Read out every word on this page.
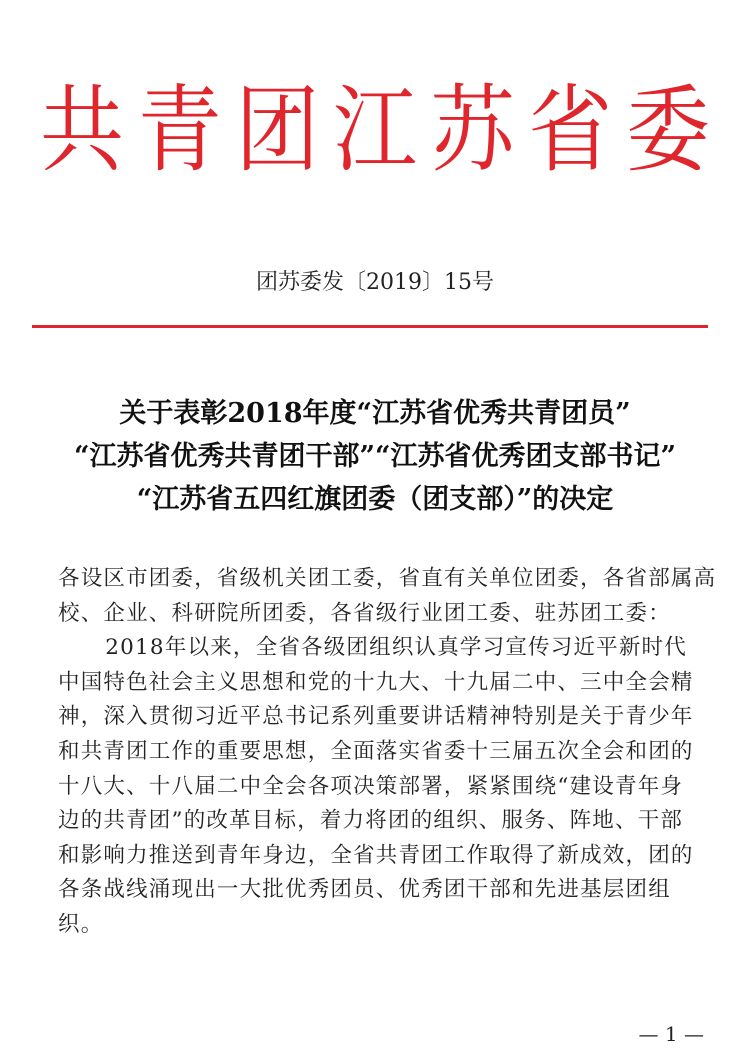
共 青 团 江 苏 省 委
团苏委发〔2019〕15号
关于表彰2018年度“江苏省优秀共青团员”
“江苏省优秀共青团干部”“江苏省优秀团支部书记”
“江苏省五四红旗团委（团支部）”的决定
各设区市团委，省级机关团工委，省直有关单位团委，各省部属高
校、企业、科研院所团委，各省级行业团工委、驻苏团工委：
2018年以来，全省各级团组织认真学习宣传习近平新时代
中国特色社会主义思想和党的十九大、十九届二中、三中全会精
神，深入贯彻习近平总书记系列重要讲话精神特别是关于青少年
和共青团工作的重要思想，全面落实省委十三届五次全会和团的
十八大、十八届二中全会各项决策部署，紧紧围绕“建设青年身
边的共青团”的改革目标，着力将团的组织、服务、阵地、干部
和影响力推送到青年身边，全省共青团工作取得了新成效，团的
各条战线涌现出一大批优秀团员、优秀团干部和先进基层团组
织。
— 1 —
